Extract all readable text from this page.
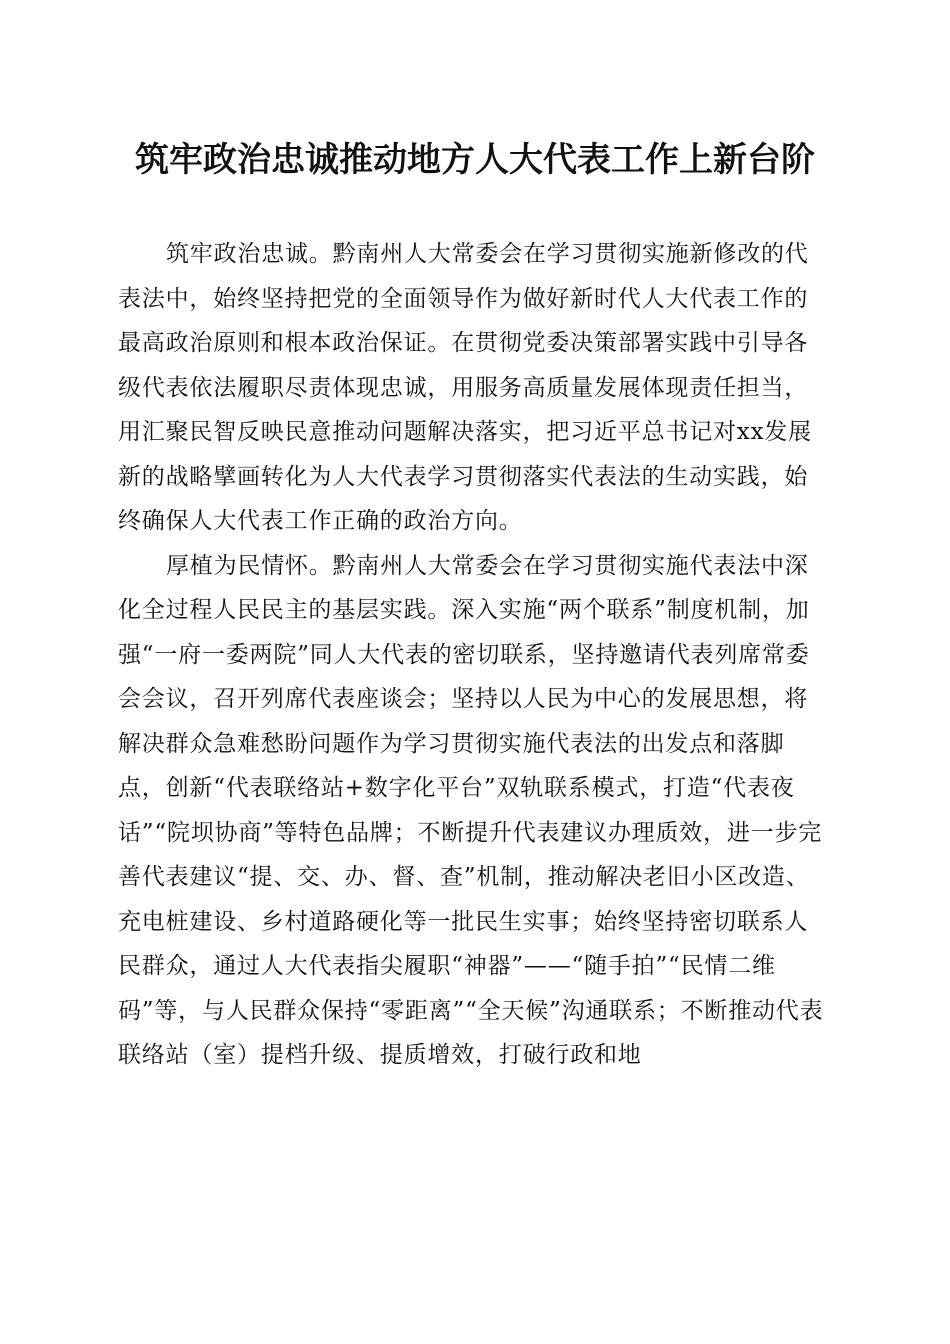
筑牢政治忠诚推动地方人大代表工作上新台阶

筑牢政治忠诚。黔南州人大常委会在学习贯彻实施新修改的代表法中，始终坚持把党的全面领导作为做好新时代人大代表工作的最高政治原则和根本政治保证。在贯彻党委决策部署实践中引导各级代表依法履职尽责体现忠诚，用服务高质量发展体现责任担当，用汇聚民智反映民意推动问题解决落实，把习近平总书记对xx发展新的战略擘画转化为人大代表学习贯彻落实代表法的生动实践，始终确保人大代表工作正确的政治方向。

厚植为民情怀。黔南州人大常委会在学习贯彻实施代表法中深化全过程人民民主的基层实践。深入实施“两个联系”制度机制，加强“一府一委两院”同人大代表的密切联系，坚持邀请代表列席常委会会议，召开列席代表座谈会；坚持以人民为中心的发展思想，将解决群众急难愁盼问题作为学习贯彻实施代表法的出发点和落脚点，创新“代表联络站+数字化平台”双轨联系模式，打造“代表夜话”“院坝协商”等特色品牌；不断提升代表建议办理质效，进一步完善代表建议“提、交、办、督、查”机制，推动解决老旧小区改造、充电桩建设、乡村道路硬化等一批民生实事；始终坚持密切联系人民群众，通过人大代表指尖履职“神器”——“随手拍”“民情二维码”等，与人民群众保持“零距离”“全天候”沟通联系；不断推动代表联络站（室）提档升级、提质增效，打破行政和地
